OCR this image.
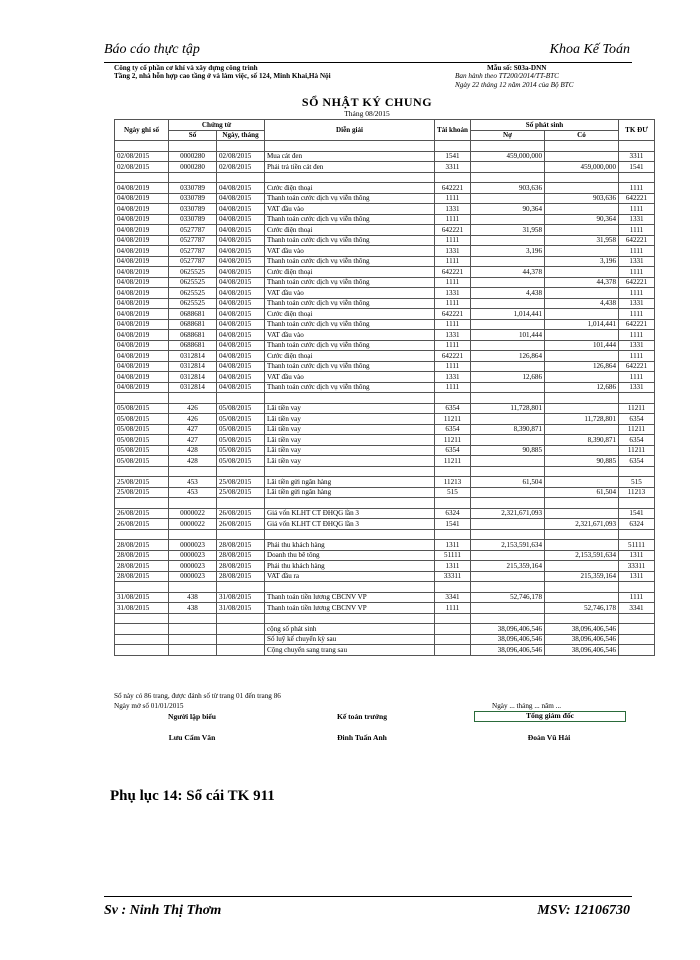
Báo cáo thực tập	Khoa Kế Toán
Công ty cổ phần cơ khí và xây dựng công trình
Tầng 2, nhà hỗn hợp cao tầng ở và làm việc, số 124, Minh Khai,Hà Nội
Mẫu số: S03a-DNN
Ban hành theo TT200/2014/TT-BTC
Ngày 22 tháng 12 năm 2014 của Bộ BTC
SỔ NHẬT KÝ CHUNG
Tháng 08/2015
Ngày ghi sổ	Chứng từ		Diễn giải	Tài khoản	Số phát sinh		TK ĐƯ
	Số	Ngày, tháng			Nợ	Có	

02/08/2015	0000280	02/08/2015	Mua cát đen	1541	459,000,000		3311
02/08/2015	0000280	02/08/2015	Phải trả tiền cát đen	3311		459,000,000	1541

04/08/2019	0330789	04/08/2015	Cước điện thoại	642221	903,636		1111
04/08/2019	0330789	04/08/2015	Thanh toán cước dịch vụ viễn thông	1111		903,636	642221
04/08/2019	0330789	04/08/2015	VAT đầu vào	1331	90,364		1111
04/08/2019	0330789	04/08/2015	Thanh toán cước dịch vụ viễn thông	1111		90,364	1331
04/08/2019	0527787	04/08/2015	Cước điện thoại	642221	31,958		1111
04/08/2019	0527787	04/08/2015	Thanh toán cước dịch vụ viễn thông	1111		31,958	642221
04/08/2019	0527787	04/08/2015	VAT đầu vào	1331	3,196		1111
04/08/2019	0527787	04/08/2015	Thanh toán cước dịch vụ viễn thông	1111		3,196	1331
04/08/2019	0625525	04/08/2015	Cước điện thoại	642221	44,378		1111
04/08/2019	0625525	04/08/2015	Thanh toán cước dịch vụ viễn thông	1111		44,378	642221
04/08/2019	0625525	04/08/2015	VAT đầu vào	1331	4,438		1111
04/08/2019	0625525	04/08/2015	Thanh toán cước dịch vụ viễn thông	1111		4,438	1331
04/08/2019	0688681	04/08/2015	Cước điện thoại	642221	1,014,441		1111
04/08/2019	0688681	04/08/2015	Thanh toán cước dịch vụ viễn thông	1111		1,014,441	642221
04/08/2019	0688681	04/08/2015	VAT đầu vào	1331	101,444		1111
04/08/2019	0688681	04/08/2015	Thanh toán cước dịch vụ viễn thông	1111		101,444	1331
04/08/2019	0312814	04/08/2015	Cước điện thoại	642221	126,864		1111
04/08/2019	0312814	04/08/2015	Thanh toán cước dịch vụ viễn thông	1111		126,864	642221
04/08/2019	0312814	04/08/2015	VAT đầu vào	1331	12,686		1111
04/08/2019	0312814	04/08/2015	Thanh toán cước dịch vụ viễn thông	1111		12,686	1331

05/08/2015	426	05/08/2015	Lãi tiền vay	6354	11,728,801		11211
05/08/2015	426	05/08/2015	Lãi tiền vay	11211		11,728,801	6354
05/08/2015	427	05/08/2015	Lãi tiền vay	6354	8,390,871		11211
05/08/2015	427	05/08/2015	Lãi tiền vay	11211		8,390,871	6354
05/08/2015	428	05/08/2015	Lãi tiền vay	6354	90,885		11211
05/08/2015	428	05/08/2015	Lãi tiền vay	11211		90,885	6354

25/08/2015	453	25/08/2015	Lãi tiền gửi ngân hàng	11213	61,504		515
25/08/2015	453	25/08/2015	Lãi tiền gửi ngân hàng	515		61,504	11213

26/08/2015	0000022	26/08/2015	Giá vốn KLHT CT ĐHQG lần 3	6324	2,321,671,093		1541
26/08/2015	0000022	26/08/2015	Giá vốn KLHT CT ĐHQG lần 3	1541		2,321,671,093	6324

28/08/2015	0000023	28/08/2015	Phải thu khách hàng	1311	2,153,591,634		51111
28/08/2015	0000023	28/08/2015	Doanh thu bê tông	51111		2,153,591,634	1311
28/08/2015	0000023	28/08/2015	Phải thu khách hàng	1311	215,359,164		33311
28/08/2015	0000023	28/08/2015	VAT đầu ra	33311		215,359,164	1311

31/08/2015	438	31/08/2015	Thanh toán tiền lương CBCNV VP	3341	52,746,178		1111
31/08/2015	438	31/08/2015	Thanh toán tiền lương CBCNV VP	1111		52,746,178	3341

			cộng số phát sinh		38,096,406,546	38,096,406,546	
			Số luỹ kế chuyển kỳ sau		38,096,406,546	38,096,406,546	
			Cộng chuyển sang trang sau		38,096,406,546	38,096,406,546	
Sổ này có 86 trang, được đánh số từ trang 01 đến trang 86
Ngày mở sổ 01/01/2015	Ngày ... tháng ... năm ...
Người lập biểu	Kế toán trưởng	Tổng giám đốc
Lưu Cẩm Vân	Đinh Tuấn Anh	Đoàn Vũ Hải
Phụ lục 14: Sổ cái TK 911
Sv : Ninh Thị Thơm	MSV: 12106730
